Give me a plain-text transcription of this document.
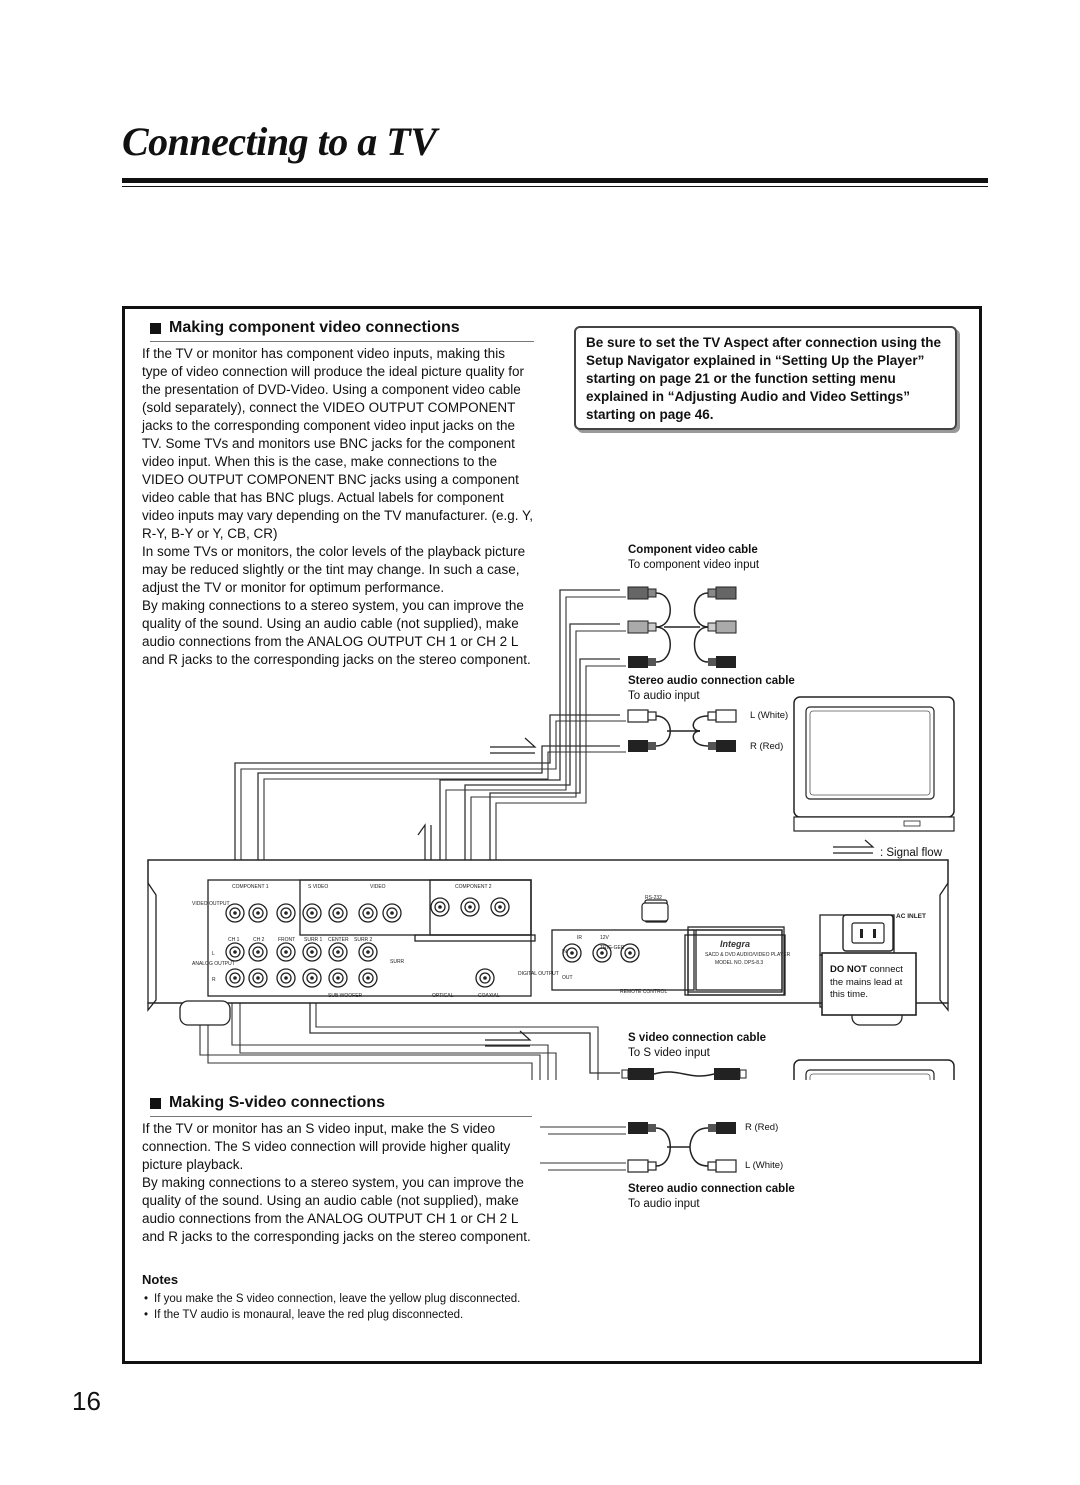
Connecting to a TV
Making component video connections

If the TV or monitor has component video inputs, making this type of video connection will produce the ideal picture quality for the presentation of DVD-Video. Using a component video cable (sold separately), connect the VIDEO OUTPUT COMPONENT jacks to the corresponding component video input jacks on the TV. Some TVs and monitors use BNC jacks for the component video input. When this is the case, make connections to the VIDEO OUTPUT COMPONENT BNC jacks using a component video cable that has BNC plugs. Actual labels for component video inputs may vary depending on the TV manufacturer. (e.g. Y, R-Y, B-Y or Y, CB, CR)

In some TVs or monitors, the color levels of the playback picture may be reduced slightly or the tint may change. In such a case, adjust the TV or monitor for optimum performance.

By making connections to a stereo system, you can improve the quality of the sound. Using an audio cable (not supplied), make audio connections from the ANALOG OUTPUT CH 1 or CH 2 L and R jacks to the corresponding jacks on the stereo component.

Be sure to set the TV Aspect after connection using the Setup Navigator explained in “Setting Up the Player” starting on page 21 or the function setting menu explained in “Adjusting Audio and Video Settings” starting on page 46.
COMPONENT 1	S VIDEO	VIDEO	COMPONENT 2
VIDEO OUTPUT
ANALOG OUTPUT
CH 1	CH 2	FRONT SURR 1 CENTER SURR 2
SURR
SUB WOOFER	OPTICAL	COAXIAL
DIGITAL OUTPUT
RS-232
IR	12V
TRIG-GER
IN
OUT
REMOTE CONTROL
SACD & DVD AUDIO/VIDEO PLAYER
MODEL NO. DPS-8.3
L
R
Integra
AC INLET
Component video cable
To component video input
Stereo audio connection cable
To audio input
L (White)
R (Red)
: Signal flow
DO NOT connect
the mains lead at
this time.
S video connection cable
To S video input
R (Red)
L (White)
Stereo audio connection cable
To audio input
Making S-video connections

If the TV or monitor has an S video input, make the S video connection. The S video connection will provide higher quality picture playback.

By making connections to a stereo system, you can improve the quality of the sound. Using an audio cable (not supplied), make audio connections from the ANALOG OUTPUT CH 1 or CH 2 L and R jacks to the corresponding jacks on the stereo component.

Notes
• If you make the S video connection, leave the yellow plug disconnected.
• If the TV audio is monaural, leave the red plug disconnected.
16
